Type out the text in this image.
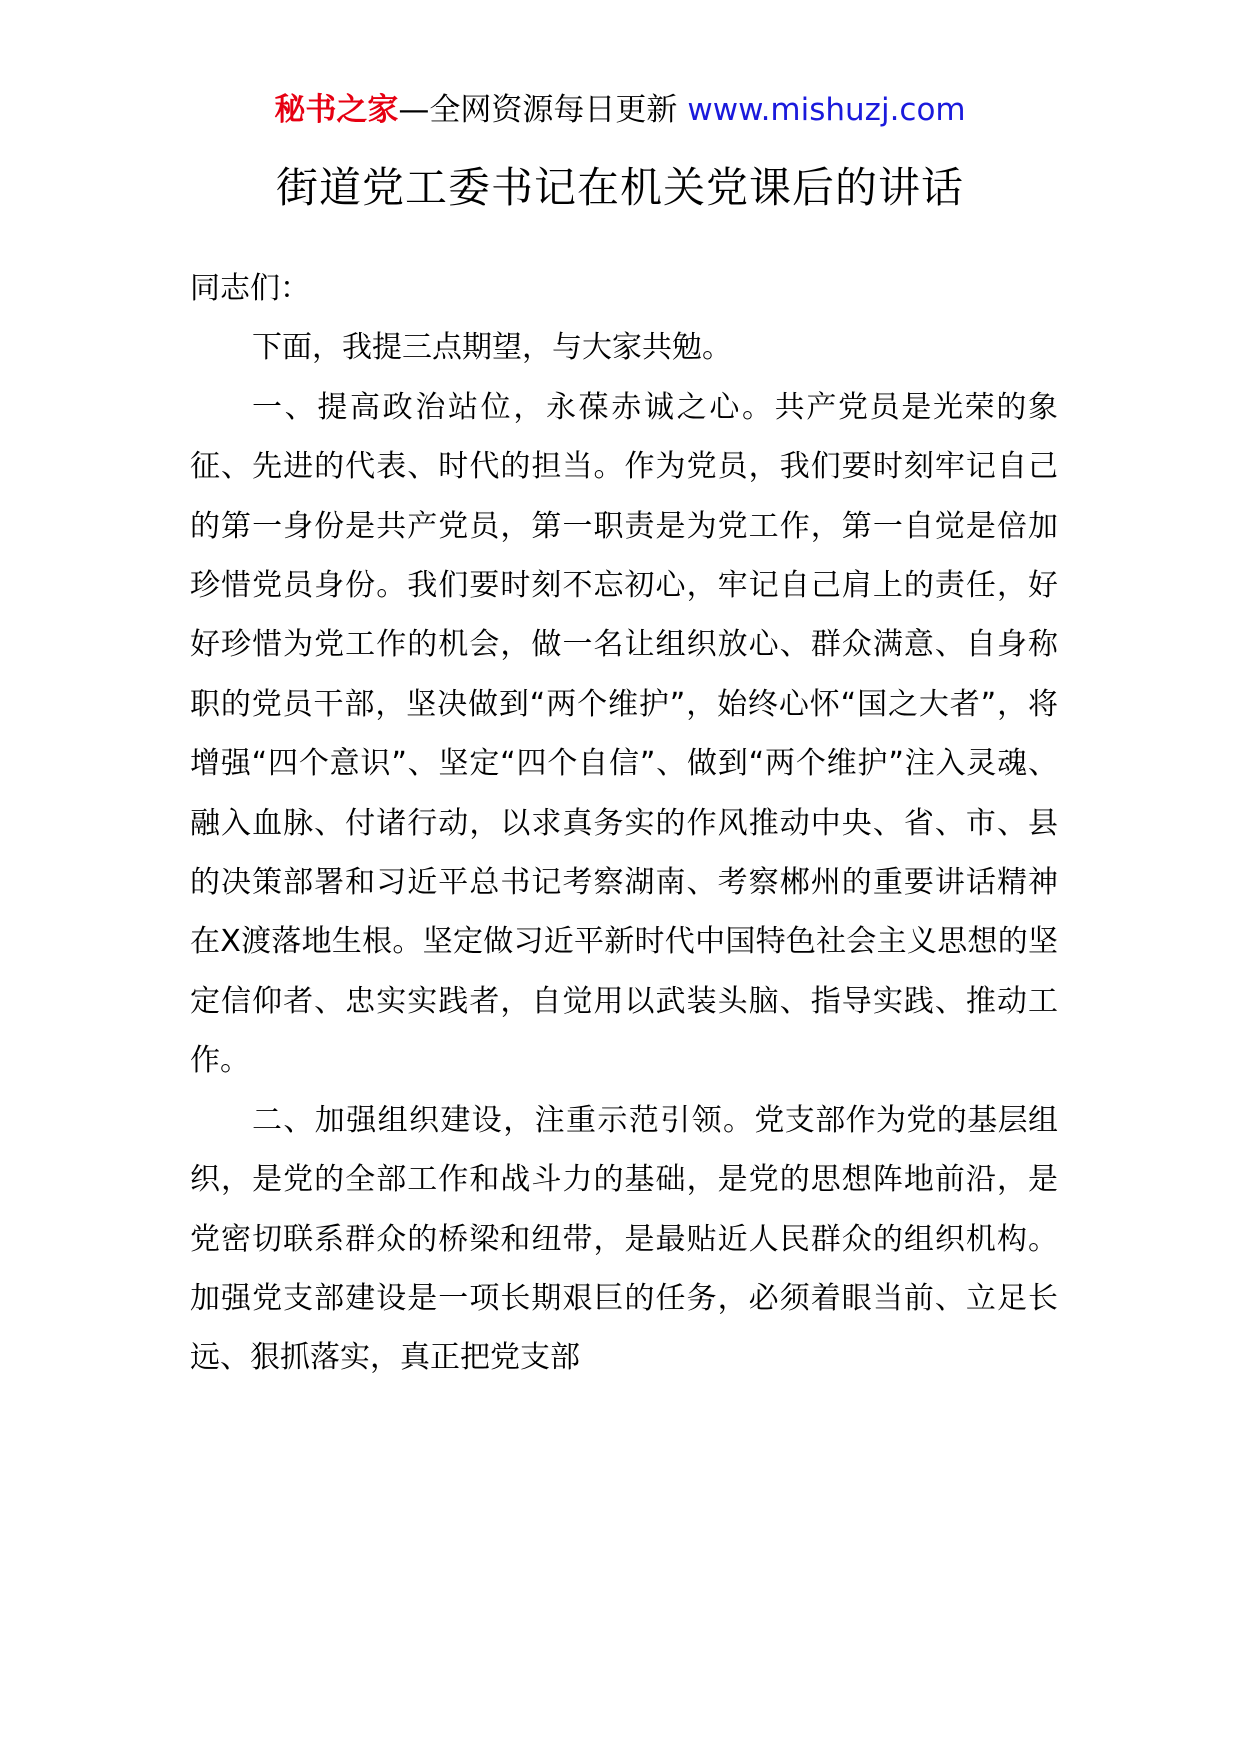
秘书之家—全网资源每日更新 www.mishuzj.com
街道党工委书记在机关党课后的讲话

同志们：

下面，我提三点期望，与大家共勉。

一、提高政治站位，永葆赤诚之心。共产党员是光荣的象征、先进的代表、时代的担当。作为党员，我们要时刻牢记自己的第一身份是共产党员，第一职责是为党工作，第一自觉是倍加珍惜党员身份。我们要时刻不忘初心，牢记自己肩上的责任，好好珍惜为党工作的机会，做一名让组织放心、群众满意、自身称职的党员干部，坚决做到“两个维护”，始终心怀“国之大者”，将增强“四个意识”、坚定“四个自信”、做到“两个维护”注入灵魂、融入血脉、付诸行动，以求真务实的作风推动中央、省、市、县的决策部署和习近平总书记考察湖南、考察郴州的重要讲话精神在X渡落地生根。坚定做习近平新时代中国特色社会主义思想的坚定信仰者、忠实实践者，自觉用以武装头脑、指导实践、推动工作。

二、加强组织建设，注重示范引领。党支部作为党的基层组织，是党的全部工作和战斗力的基础，是党的思想阵地前沿，是党密切联系群众的桥梁和纽带，是最贴近人民群众的组织机构。加强党支部建设是一项长期艰巨的任务，必须着眼当前、立足长远、狠抓落实，真正把党支部
